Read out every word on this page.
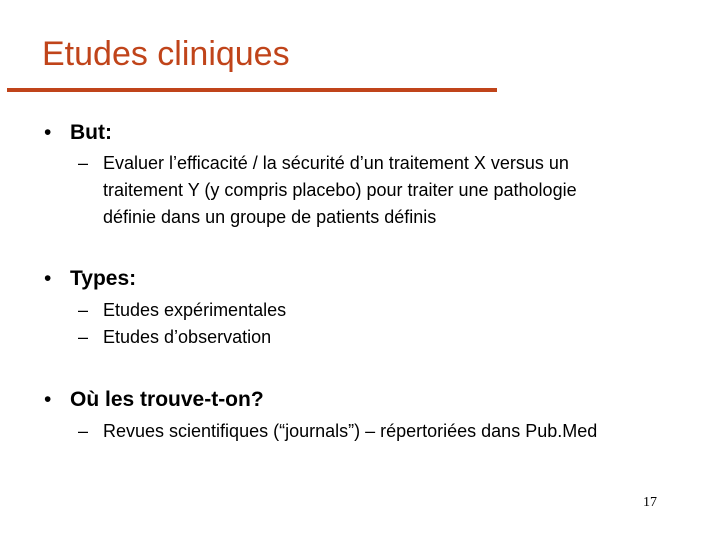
Etudes cliniques
• But:
– Evaluer l’efficacité / la sécurité d’un traitement X versus un
traitement Y (y compris placebo) pour traiter une pathologie
définie dans un groupe de patients définis
• Types:
– Etudes expérimentales
– Etudes d’observation
• Où les trouve-t-on?
– Revues scientifiques (“journals”) – répertoriées dans Pub.Med
17
